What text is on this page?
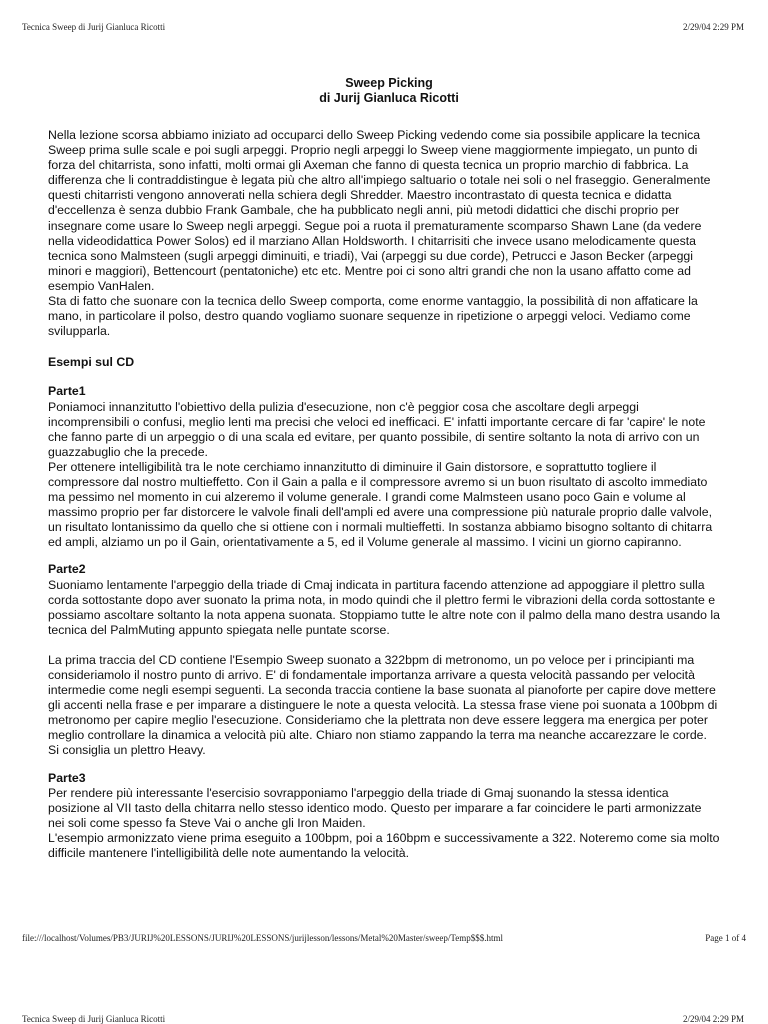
Tecnica Sweep di Jurij Gianluca Ricotti	2/29/04 2:29 PM
Sweep Picking
di Jurij Gianluca Ricotti

Nella lezione scorsa abbiamo iniziato ad occuparci dello Sweep Picking vedendo come sia possibile applicare la tecnica Sweep prima sulle scale e poi sugli arpeggi. Proprio negli arpeggi lo Sweep viene maggiormente impiegato, un punto di forza del chitarrista, sono infatti, molti ormai gli Axeman che fanno di questa tecnica un proprio marchio di fabbrica. La differenza che li contraddistingue è legata più che altro all'impiego saltuario o totale nei soli o nel fraseggio. Generalmente questi chitarristi vengono annoverati nella schiera degli Shredder. Maestro incontrastato di questa tecnica e didatta d'eccellenza è senza dubbio Frank Gambale, che ha pubblicato negli anni, più metodi didattici che dischi proprio per insegnare come usare lo Sweep negli arpeggi. Segue poi a ruota il prematuramente scomparso Shawn Lane (da vedere nella videodidattica Power Solos) ed il marziano Allan Holdsworth. I chitarrisiti che invece usano melodicamente questa tecnica sono Malmsteen (sugli arpeggi diminuiti, e triadi), Vai (arpeggi su due corde), Petrucci e Jason Becker (arpeggi minori e maggiori), Bettencourt (pentatoniche) etc etc. Mentre poi ci sono altri grandi che non la usano affatto come ad esempio VanHalen.

Sta di fatto che suonare con la tecnica dello Sweep comporta, come enorme vantaggio, la possibilità di non affaticare la mano, in particolare il polso, destro quando vogliamo suonare sequenze in ripetizione o arpeggi veloci. Vediamo come svilupparla.

Esempi sul CD

Parte1

Poniamoci innanzitutto l'obiettivo della pulizia d'esecuzione, non c'è peggior cosa che ascoltare degli arpeggi incomprensibili o confusi, meglio lenti ma precisi che veloci ed inefficaci. E' infatti importante cercare di far 'capire' le note che fanno parte di un arpeggio o di una scala ed evitare, per quanto possibile, di sentire soltanto la nota di arrivo con un guazzabuglio che la precede.

Per ottenere intelligibilità tra le note cerchiamo innanzitutto di diminuire il Gain distorsore, e soprattutto togliere il compressore dal nostro multieffetto. Con il Gain a palla e il compressore avremo si un buon risultato di ascolto immediato ma pessimo nel momento in cui alzeremo il volume generale. I grandi come Malmsteen usano poco Gain e volume al massimo proprio per far distorcere le valvole finali dell'ampli ed avere una compressione più naturale proprio dalle valvole, un risultato lontanissimo da quello che si ottiene con i normali multieffetti. In sostanza abbiamo bisogno soltanto di chitarra ed ampli, alziamo un po il Gain, orientativamente a 5, ed il Volume generale al massimo. I vicini un giorno capiranno.

Parte2

Suoniamo lentamente l'arpeggio della triade di Cmaj indicata in partitura facendo attenzione ad appoggiare il plettro sulla corda sottostante dopo aver suonato la prima nota, in modo quindi che il plettro fermi le vibrazioni della corda sottostante e possiamo ascoltare soltanto la nota appena suonata. Stoppiamo tutte le altre note con il palmo della mano destra usando la tecnica del PalmMuting appunto spiegata nelle puntate scorse.

La prima traccia del CD contiene l'Esempio Sweep suonato a 322bpm di metronomo, un po veloce per i principianti ma consideriamolo il nostro punto di arrivo. E' di fondamentale importanza arrivare a questa velocità passando per velocità intermedie come negli esempi seguenti. La seconda traccia contiene la base suonata al pianoforte per capire dove mettere gli accenti nella frase e per imparare a distinguere le note a questa velocità. La stessa frase viene poi suonata a 100bpm di metronomo per capire meglio l'esecuzione. Consideriamo che la plettrata non deve essere leggera ma energica per poter meglio controllare la dinamica a velocità più alte. Chiaro non stiamo zappando la terra ma neanche accarezzare le corde. Si consiglia un plettro Heavy.

Parte3

Per rendere più interessante l'esercisio sovrapponiamo l'arpeggio della triade di Gmaj suonando la stessa identica posizione al VII tasto della chitarra nello stesso identico modo. Questo per imparare a far coincidere le parti armonizzate nei soli come spesso fa Steve Vai o anche gli Iron Maiden.

L'esempio armonizzato viene prima eseguito a 100bpm, poi a 160bpm e successivamente a 322. Noteremo come sia molto difficile mantenere l'intelligibilità delle note aumentando la velocità.

file:///localhost/Volumes/PB3/JURIJ%20LESSONS/JURIJ%20LESSONS/jurijlesson/lessons/Metal%20Master/sweep/Temp$$$.html	Page 1 of 4
Tecnica Sweep di Jurij Gianluca Ricotti	2/29/04 2:29 PM
